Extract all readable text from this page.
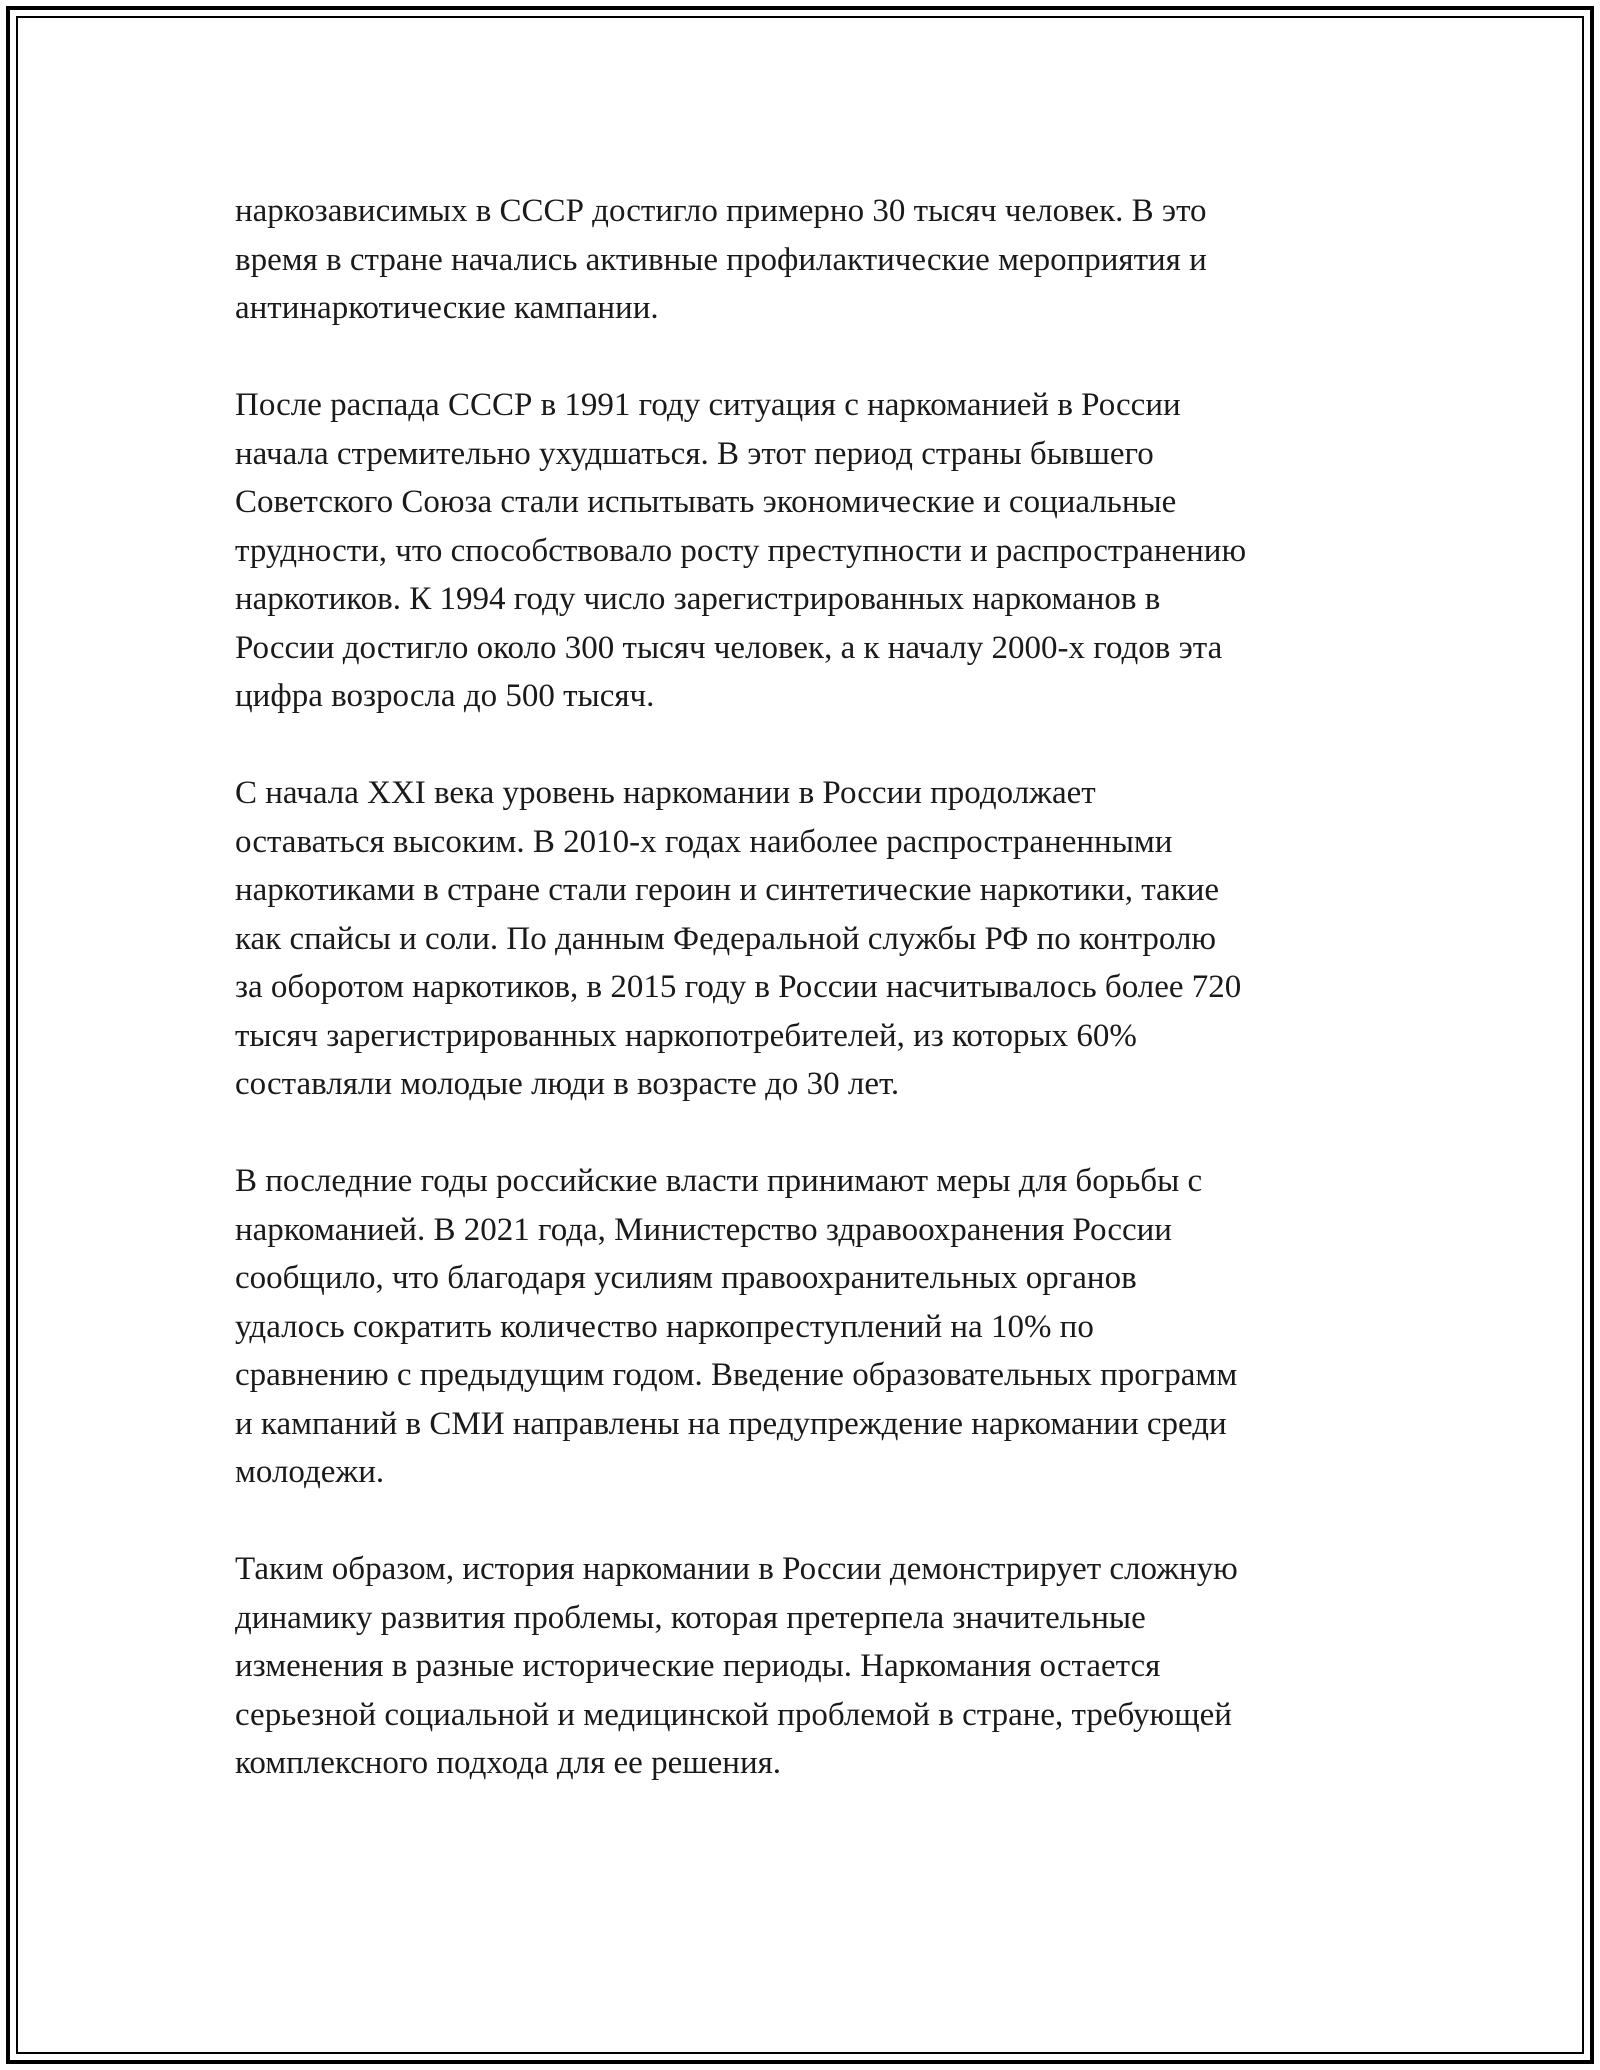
наркозависимых в СССР достигло примерно 30 тысяч человек. В это
время в стране начались активные профилактические мероприятия и
антинаркотические кампании.

После распада СССР в 1991 году ситуация с наркоманией в России
начала стремительно ухудшаться. В этот период страны бывшего
Советского Союза стали испытывать экономические и социальные
трудности, что способствовало росту преступности и распространению
наркотиков. К 1994 году число зарегистрированных наркоманов в
России достигло около 300 тысяч человек, а к началу 2000-х годов эта
цифра возросла до 500 тысяч.

С начала XXI века уровень наркомании в России продолжает
оставаться высоким. В 2010-х годах наиболее распространенными
наркотиками в стране стали героин и синтетические наркотики, такие
как спайсы и соли. По данным Федеральной службы РФ по контролю
за оборотом наркотиков, в 2015 году в России насчитывалось более 720
тысяч зарегистрированных наркопотребителей, из которых 60%
составляли молодые люди в возрасте до 30 лет.

В последние годы российские власти принимают меры для борьбы с
наркоманией. В 2021 года, Министерство здравоохранения России
сообщило, что благодаря усилиям правоохранительных органов
удалось сократить количество наркопреступлений на 10% по
сравнению с предыдущим годом. Введение образовательных программ
и кампаний в СМИ направлены на предупреждение наркомании среди
молодежи.

Таким образом, история наркомании в России демонстрирует сложную
динамику развития проблемы, которая претерпела значительные
изменения в разные исторические периоды. Наркомания остается
серьезной социальной и медицинской проблемой в стране, требующей
комплексного подхода для ее решения.
